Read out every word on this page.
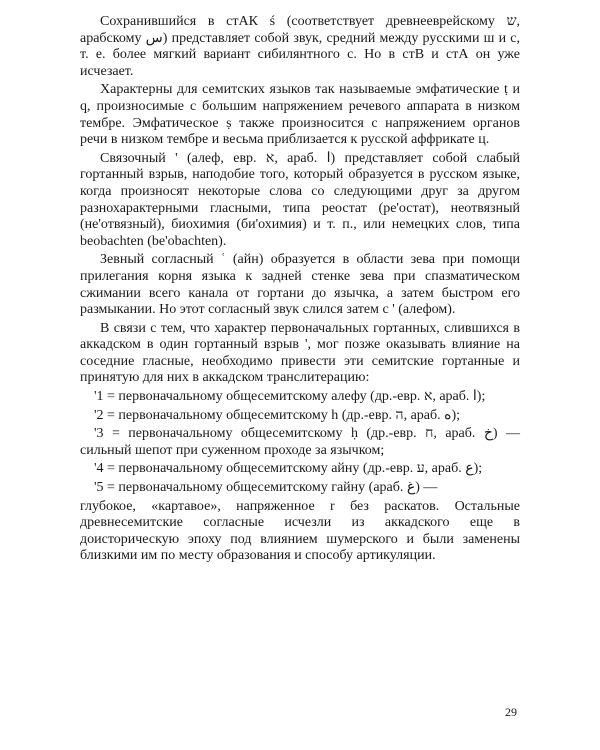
Сохранившийся в стАК ś (соответствует древнееврейскому ש, арабскому س) представляет собой звук, средний между русскими ш и с, т. е. более мягкий вариант сибилянтного с. Но в стВ и стА он уже исчезает.

Характерны для семитских языков так называемые эмфатические ṭ и q, произносимые с большим напряжением речевого аппарата в низком тембре. Эмфатическое ṣ также произносится с напряжением органов речи в низком тембре и весьма приблизается к русской аффрикате ц.

Связочный ' (алеф, евр. א, араб. ا) представляет собой слабый гортанный взрыв, наподобие того, который образуется в русском языке, когда произносят некоторые слова со следующими друг за другом разнохарактерными гласными, типа реостат (ре'остат), неотвязный (не'отвязный), биохимия (би'охимия) и т. п., или немецких слов, типа beobachten (be'obachten).

Зевный согласный ʿ (айн) образуется в области зева при помощи прилегания корня языка к задней стенке зева при спазматическом сжимании всего канала от гортани до язычка, а затем быстром его размыкании. Но этот согласный звук слился затем с ' (алефом).

В связи с тем, что характер первоначальных гортанных, слившихся в аккадском в один гортанный взрыв ', мог позже оказывать влияние на соседние гласные, необходимо привести эти семитские гортанные и принятую для них в аккадском транслитерацию:

'1 = первоначальному общесемитскому алефу (др.-евр. א, араб. ا);

'2 = первоначальному общесемитскому h (др.-евр. ה, араб. ه);

'3 = первоначальному общесемитскому ḥ (др.-евр. ח, араб. خ) — сильный шепот при суженном проходе за язычком;

'4 = первоначальному общесемитскому айну (др.-евр. ע, араб. ع);

'5 = первоначальному общесемитскому гайну (араб. غ) —

глубокое, «картавое», напряженное r без раскатов. Остальные древнесемитские согласные исчезли из аккадского еще в доисторическую эпоху под влиянием шумерского и были заменены близкими им по месту образования и способу артикуляции.

29
